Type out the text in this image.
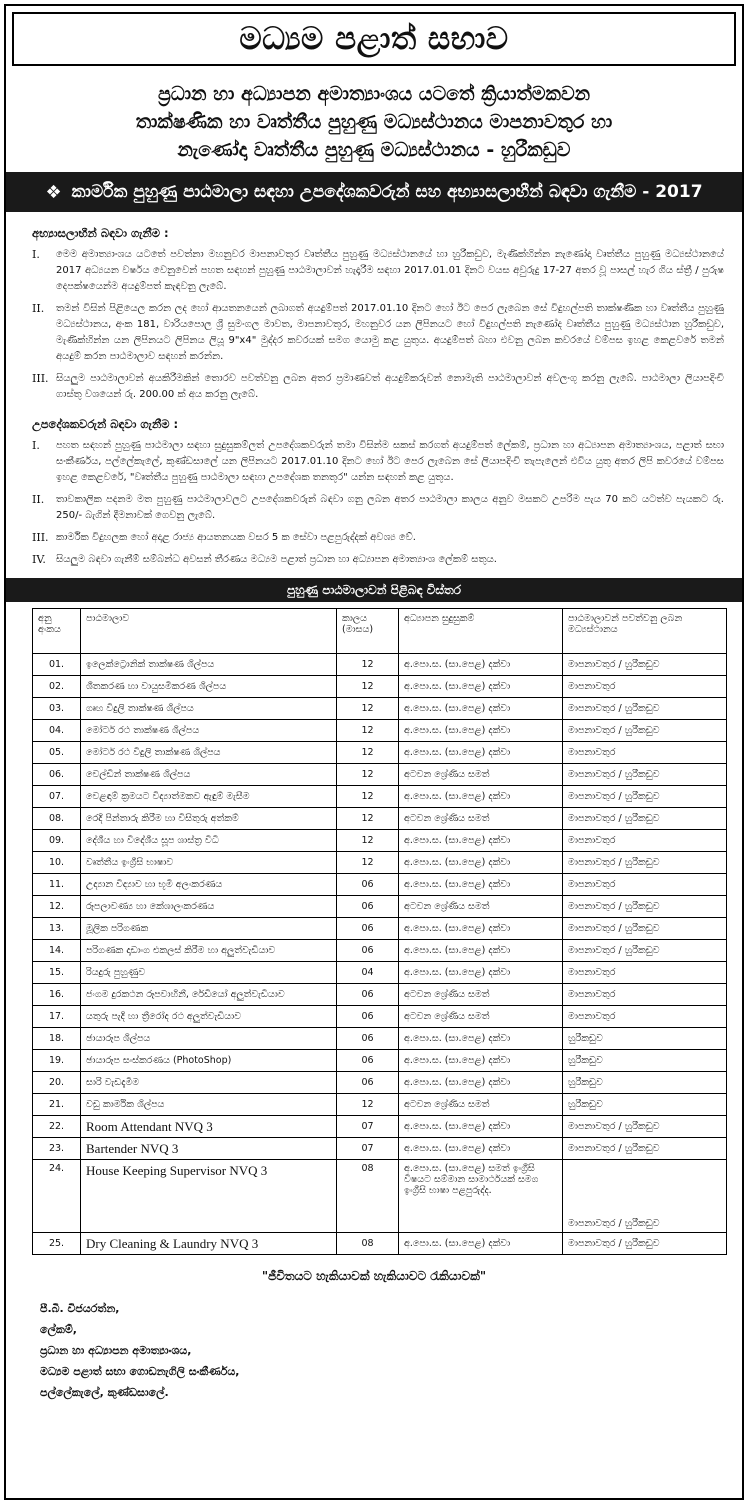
මධ්‍යම පළාත් සභාව
ප්‍රධාන හා අධ්‍යාපන අමාත්‍යාංශය යටතේ ක්‍රියාත්මකවන
තාක්ෂණික හා වෘත්තීය පුහුණු මධ්‍යස්ථානය මාපනාවතුර හා
නැණෝදා වෘත්තීය පුහුණු මධ්‍යස්ථානය - හුරීකඩුව
❖ කාර්මික පුහුණු පාඨමාලා සඳහා උපදේශකවරුන් සහ අභ්‍යාසලාභීන් බඳවා ගැනීම - 2017
අභ්‍යාසලාභීන් බඳවා ගැනීම :
I.	මෙම අමාත්‍යාංශය යටතේ පවත්නා මහනුවර මාපනාවතුර වෘත්තීය පුහුණු මධ්‍යස්ථානයේ හා හුරීකඩුව, මැණික්හින්න නැණෝදා වෘත්තීය පුහුණු මධ්‍යස්ථානයේ 2017 අධ්‍යයන වර්ෂය වෙනුවෙන් පහත සඳහන් පුහුණු පාඨමාලාවන් හැදෑරීම සඳහා 2017.01.01 දිනට වයස අවුරුදු 17-27 අතර වූ පාසල් හැර ගිය ස්ත්‍රී / පුරුෂ දෙපක්ෂයෙන්ම අයදුම්පත් කැඳවනු ලැබේ.
II.	තමන් විසින් පිළියෙල කරන ලද හෝ ආයතනයෙන් ලබාගත් අයදුම්පත් 2017.01.10 දිනට හෝ ඊට පෙර ලැබෙන සේ විදුහල්පති තාක්ෂණික හා වෘත්තීය පුහුණු මධ්‍යස්ථානය, අංක 181, වාරියපොල ශ්‍රී සුමංගල මාවත, මාපනාවතුර, මහනුවර යන ලිපිනයට හෝ විදුහල්පති නැණෝද වෘත්තීය පුහුණු මධ්‍යස්ථාන හුරීකඩුව, මැණික්හින්න යන ලිපිනයට ලිපිනය ලියූ 9"x4" මුද්දර කවරයක් සමග යොමු කළ යුතුය. අයදුම්පත් බහා එවනු ලබන කවරයේ වම්පස ඉහළ කෙළවරේ තමන් අයදුම් කරන පාඨමාලාව සඳහන් කරන්න.
III. සියලුම පාඨමාලාවන් අයකිරීමකින් තොරව පවත්වනු ලබන අතර ප්‍රමාණවත් අයදුම්කරුවන් නොමැති පාඨමාලාවන් අවලංගු කරනු ලැබේ. පාඨමාලා ලියාපදිංචි ගාස්තු වශයෙන් රු. 200.00 ක් අය කරනු ලැබේ.
උපදේශකවරුන් බඳවා ගැනීම :
I.	පහත සඳහන් පුහුණු පාඨමාලා සඳහා සුදුසුකම්ලත් උපදේශකවරුන් තමා විසින්ම සකස් කරගත් අයදුම්පත් ලේකම්, ප්‍රධාන හා අධ්‍යාපන අමාත්‍යාංශය, පළාත් සභා සංකීර්ණය, පල්ලේකැලේ, කුණ්ඩසාලේ යන ලිපිනයට 2017.01.10 දිනට හෝ ඊට පෙර ලැබෙන සේ ලියාපදිංචි තැපැලෙන් එවිය යුතු අතර ලිපි කවරයේ වම්පස ඉහළ කෙළවරේ, "වෘත්තීය පුහුණු පාඨමාලා සඳහා උපදේශක තනතුර" යන්න සඳහන් කළ යුතුය.
II.	තාවකාලික පදනම මත පුහුණු පාඨමාලාවලට උපදේශකවරුන් බඳවා ගනු ලබන අතර පාඨමාලා කාලය අනුව මසකට උපරිම පැය 70 කට යටත්ව පැයකට රු. 250/- බැගින් දීමනාවක් ගෙවනු ලැබේ.
III. කාර්මික විදුහලක හෝ අදාළ රාජ්‍ය ආයතනයක වසර 5 ක සේවා පළපුරුද්දක් අවශ්‍ය වේ.
IV.	සියලුම බඳවා ගැනීම් සම්බන්ධ අවසන් තීරණය මධ්‍යම පළාත් ප්‍රධාන හා අධ්‍යාපන අමාත්‍යාංශ ලේකම් සතුය.
පුහුණු පාඨමාලාවන් පිළිබඳ විස්තර
අනු අංකය	පාඨමාලාව	කාලය (මාසය)	අධ්‍යාපන සුදුසුකම්	පාඨමාලාවන් පවත්වනු ලබන මධ්‍යස්ථානය
01.	ඉලෙක්ට්‍රොනික් තාක්ෂණ ශිල්පය	12	අ.පො.ස. (සා.පෙළ) දක්වා	මාපනාවතුර / හුරීකඩුව
02.	ශීතකරණ හා වායුසමීකරණ ශිල්පය	12	අ.පො.ස. (සා.පෙළ) දක්වා	මාපනාවතුර
03.	ගෘහ විදුලි තාක්ෂණ ශිල්පය	12	අ.පො.ස. (සා.පෙළ) දක්වා	මාපනාවතුර / හුරීකඩුව
04.	මෝටර් රථ තාක්ෂණ ශිල්පය	12	අ.පො.ස. (සා.පෙළ) දක්වා	මාපනාවතුර / හුරීකඩුව
05.	මෝටර් රථ විදුලි තාක්ෂණ ශිල්පය	12	අ.පො.ස. (සා.පෙළ) දක්වා	මාපනාවතුර
06.	වෙල්ඩින් තාක්ෂණ ශිල්පය	12	අටවන ශ්‍රේණිය සමත්	මාපනාවතුර / හුරීකඩුව
07.	වෙළඳාම් ක්‍රමයට විද්‍යාත්මකව ඇඳුම් මැසීම	12	අ.පො.ස. (සා.පෙළ) දක්වා	මාපනාවතුර / හුරීකඩුව
08.	රෙදි පින්තාරු කිරීම හා විසිතුරු අත්කම්	12	අටවන ශ්‍රේණිය සමත්	මාපනාවතුර / හුරීකඩුව
09.	දේශීය හා විදේශීය සූප ශාස්ත්‍ර විධි	12	අ.පො.ස. (සා.පෙළ) දක්වා	මාපනාවතුර
10.	වෘත්තීය ඉංග්‍රීසි භාෂාව	12	අ.පො.ස. (සා.පෙළ) දක්වා	මාපනාවතුර / හුරීකඩුව
11.	උද්‍යාන විද්‍යාව හා භූමි අලංකරණය	06	අ.පො.ස. (සා.පෙළ) දක්වා	මාපනාවතුර
12.	රූපලාවණ්‍ය හා කේශාලංකරණය	06	අටවන ශ්‍රේණිය සමත්	මාපනාවතුර / හුරීකඩුව
13.	මූලික පරිගණක	06	අ.පො.ස. (සා.පෙළ) දක්වා	මාපනාවතුර / හුරීකඩුව
14.	පරිගණක දෘඩාංග එකලස් කිරීම හා අලුත්වැඩියාව	06	අ.පො.ස. (සා.පෙළ) දක්වා	මාපනාවතුර / හුරීකඩුව
15.	රියදුරු පුහුණුව	04	අ.පො.ස. (සා.පෙළ) දක්වා	මාපනාවතුර
16.	ජංගම දුරකථන රූපවාහිනී, රේඩියෝ අලුත්වැඩියාව	06	අටවන ශ්‍රේණිය සමත්	මාපනාවතුර
17.	යතුරු පැදි හා ත්‍රීරෝද රථ අලුත්වැඩියාව	06	අටවන ශ්‍රේණිය සමත්	මාපනාවතුර
18.	ඡායාරූප ශිල්පය	06	අ.පො.ස. (සා.පෙළ) දක්වා	හුරීකඩුව
19.	ඡායාරූප සංස්කරණය (PhotoShop)	06	අ.පො.ස. (සා.පෙළ) දක්වා	හුරීකඩුව
20.	සාරි වැඩදැමීම	06	අ.පො.ස. (සා.පෙළ) දක්වා	හුරීකඩුව
21.	වඩු කාර්මික ශිල්පය	12	අටවන ශ්‍රේණිය සමත්	හුරීකඩුව
22.	Room Attendant NVQ 3	07	අ.පො.ස. (සා.පෙළ) දක්වා	මාපනාවතුර / හුරීකඩුව
23.	Bartender NVQ 3	07	අ.පො.ස. (සා.පෙළ) දක්වා	මාපනාවතුර / හුරීකඩුව
24.	House Keeping Supervisor NVQ 3	08	අ.පො.ස. (සා.පෙළ) සමත් ඉංග්‍රීසි විෂයට සම්මාන සාමාර්ථයක් සමග ඉංග්‍රීසි භාෂා පළපුරුද්ද.	මාපනාවතුර / හුරීකඩුව
25.	Dry Cleaning & Laundry NVQ 3	08	අ.පො.ස. (සා.පෙළ) දක්වා	මාපනාවතුර / හුරීකඩුව
"ජීවිතයට හැකියාවක් හැකියාවට රැකියාවක්"
පී.බී. විජයරත්න,
ලේකම්,
ප්‍රධාන හා අධ්‍යාපන අමාත්‍යාංශය,
මධ්‍යම පළාත් සභා ගොඩනැගිලි සංකීර්ණය,
පල්ලේකැලේ, කුණ්ඩසාලේ.
